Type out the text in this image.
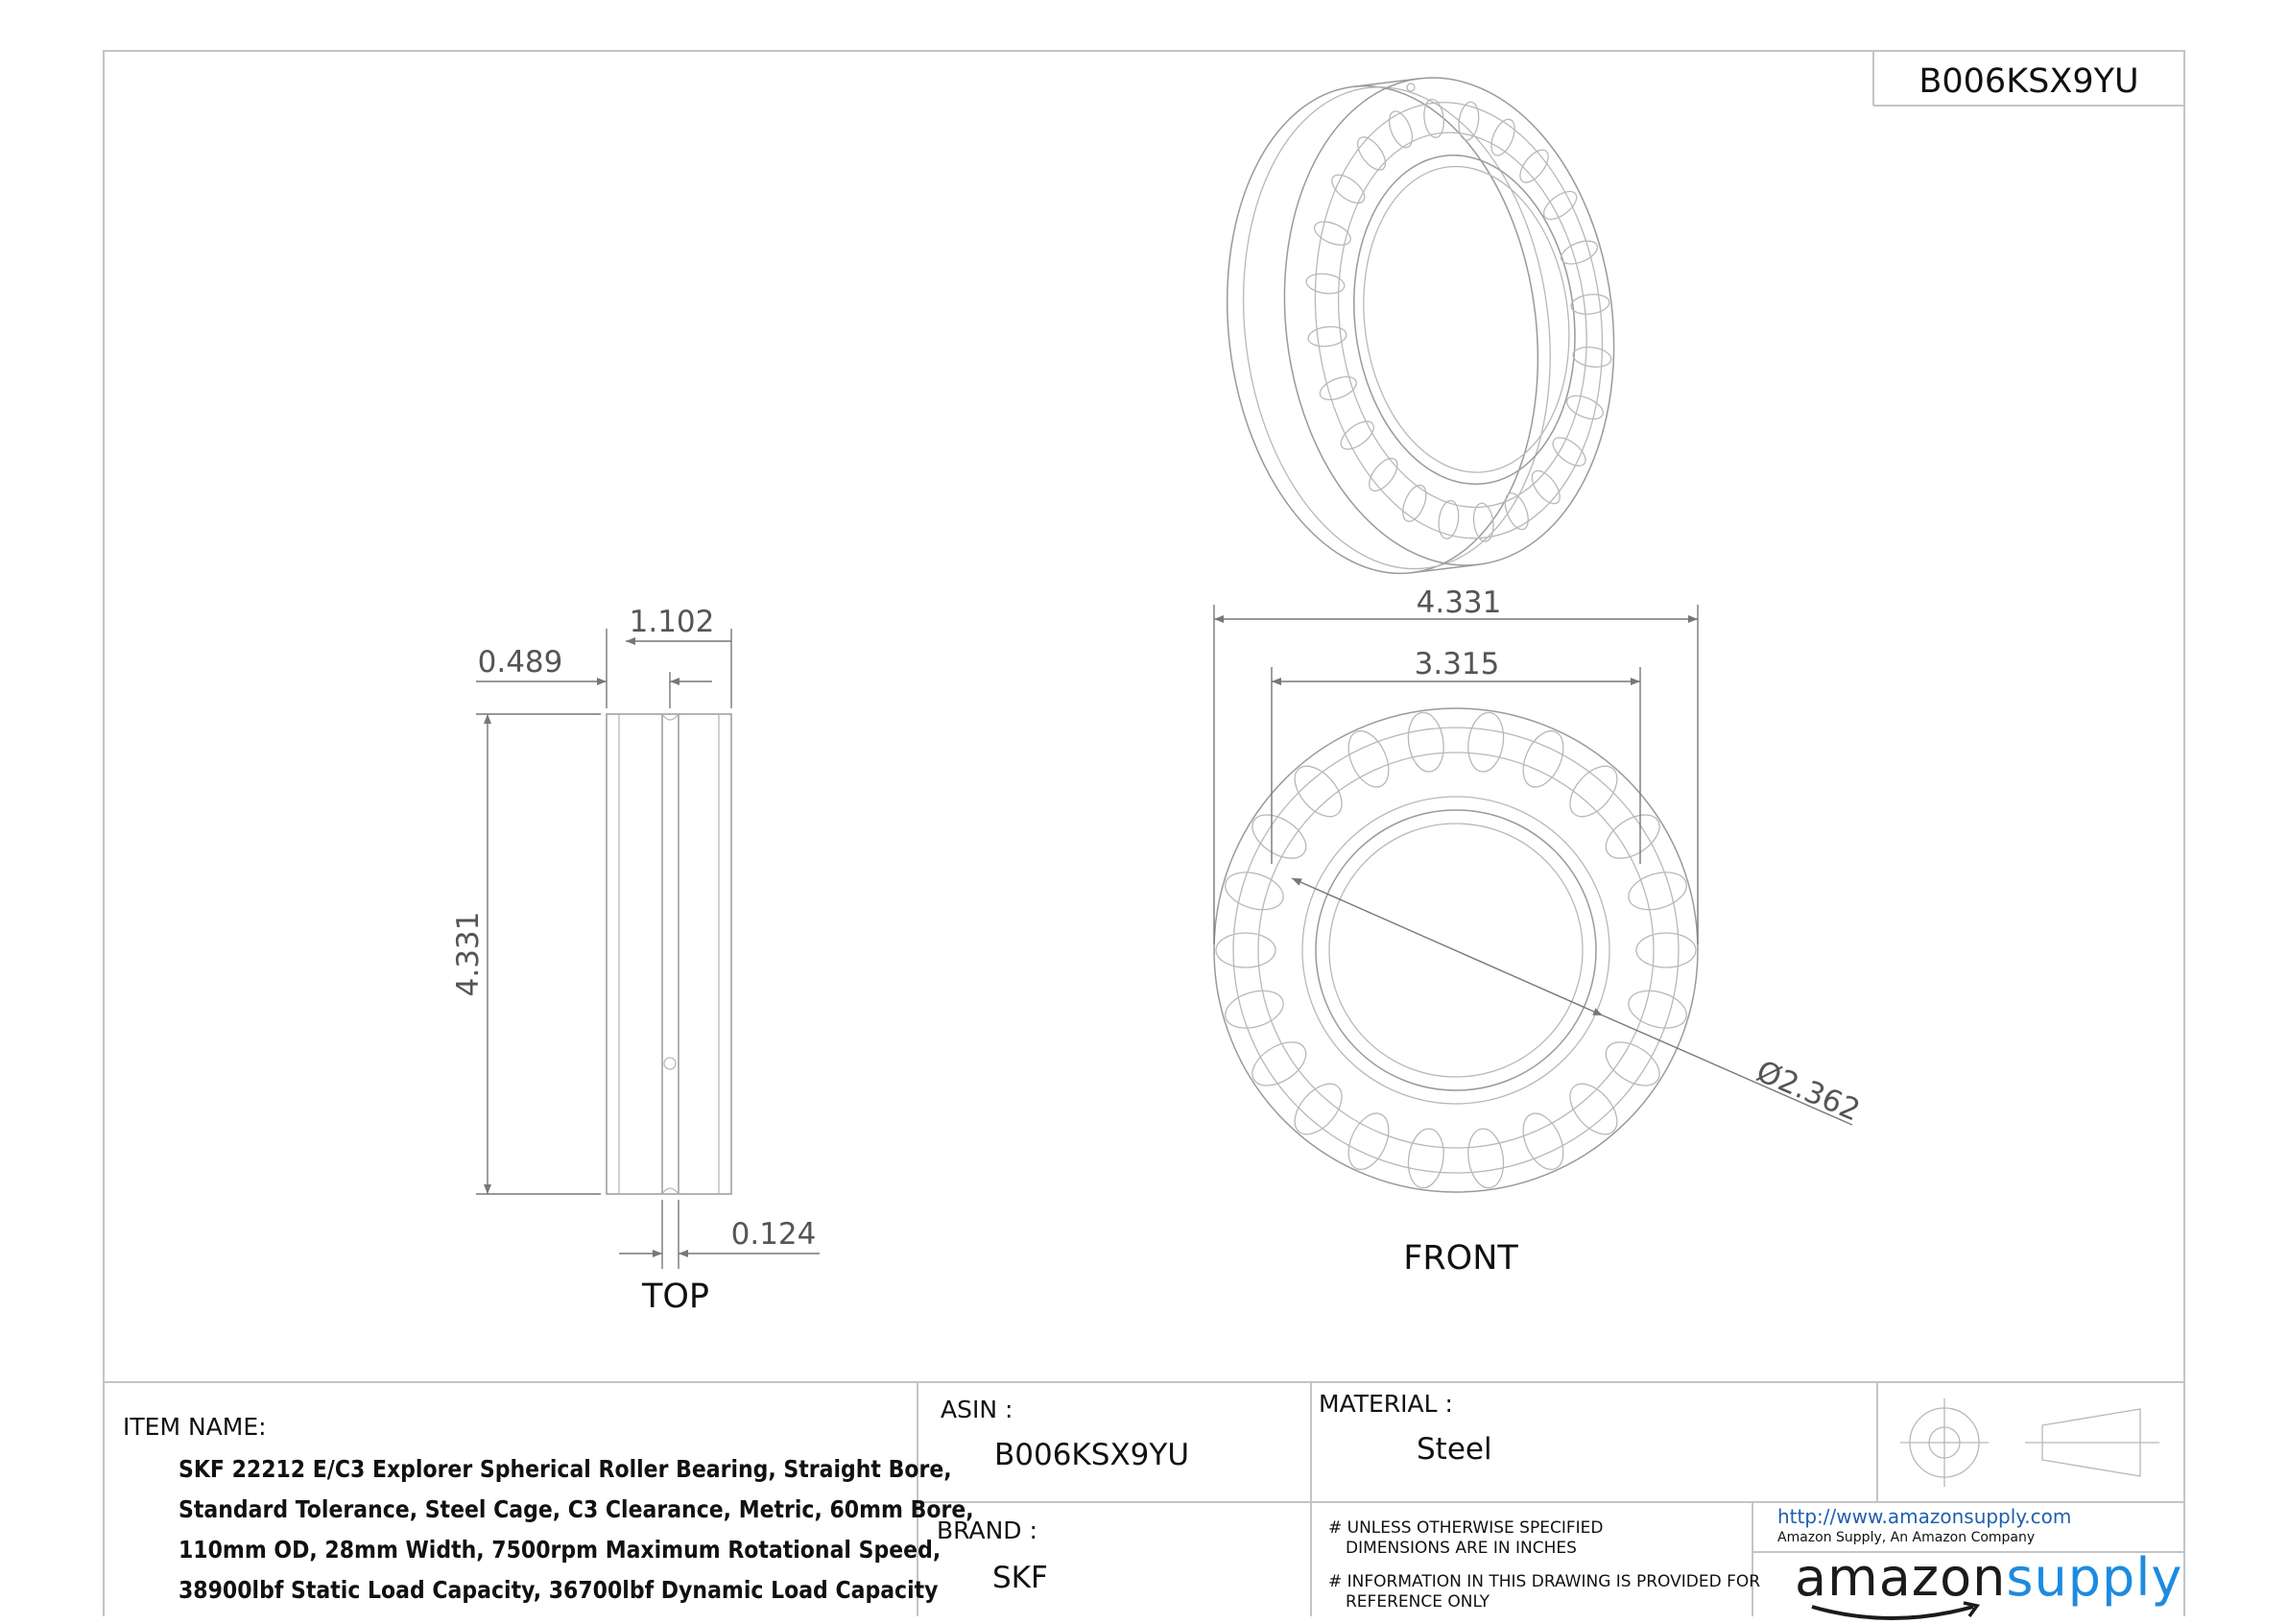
B006KSX9YU
1.102
0.489
4.331
0.124
TOP
4.331
3.315
Ø2.362
FRONT
ITEM NAME:
SKF 22212 E/C3 Explorer Spherical Roller Bearing, Straight Bore,
Standard Tolerance, Steel Cage, C3 Clearance, Metric, 60mm Bore,
110mm OD, 28mm Width, 7500rpm Maximum Rotational Speed,
38900lbf Static Load Capacity, 36700lbf Dynamic Load Capacity
ASIN :
B006KSX9YU
BRAND :
SKF
MATERIAL :
Steel
# UNLESS OTHERWISE SPECIFIED
DIMENSIONS ARE IN INCHES
# INFORMATION IN THIS DRAWING IS PROVIDED FOR
REFERENCE ONLY
http://www.amazonsupply.com
Amazon Supply, An Amazon Company
amazonsupply
